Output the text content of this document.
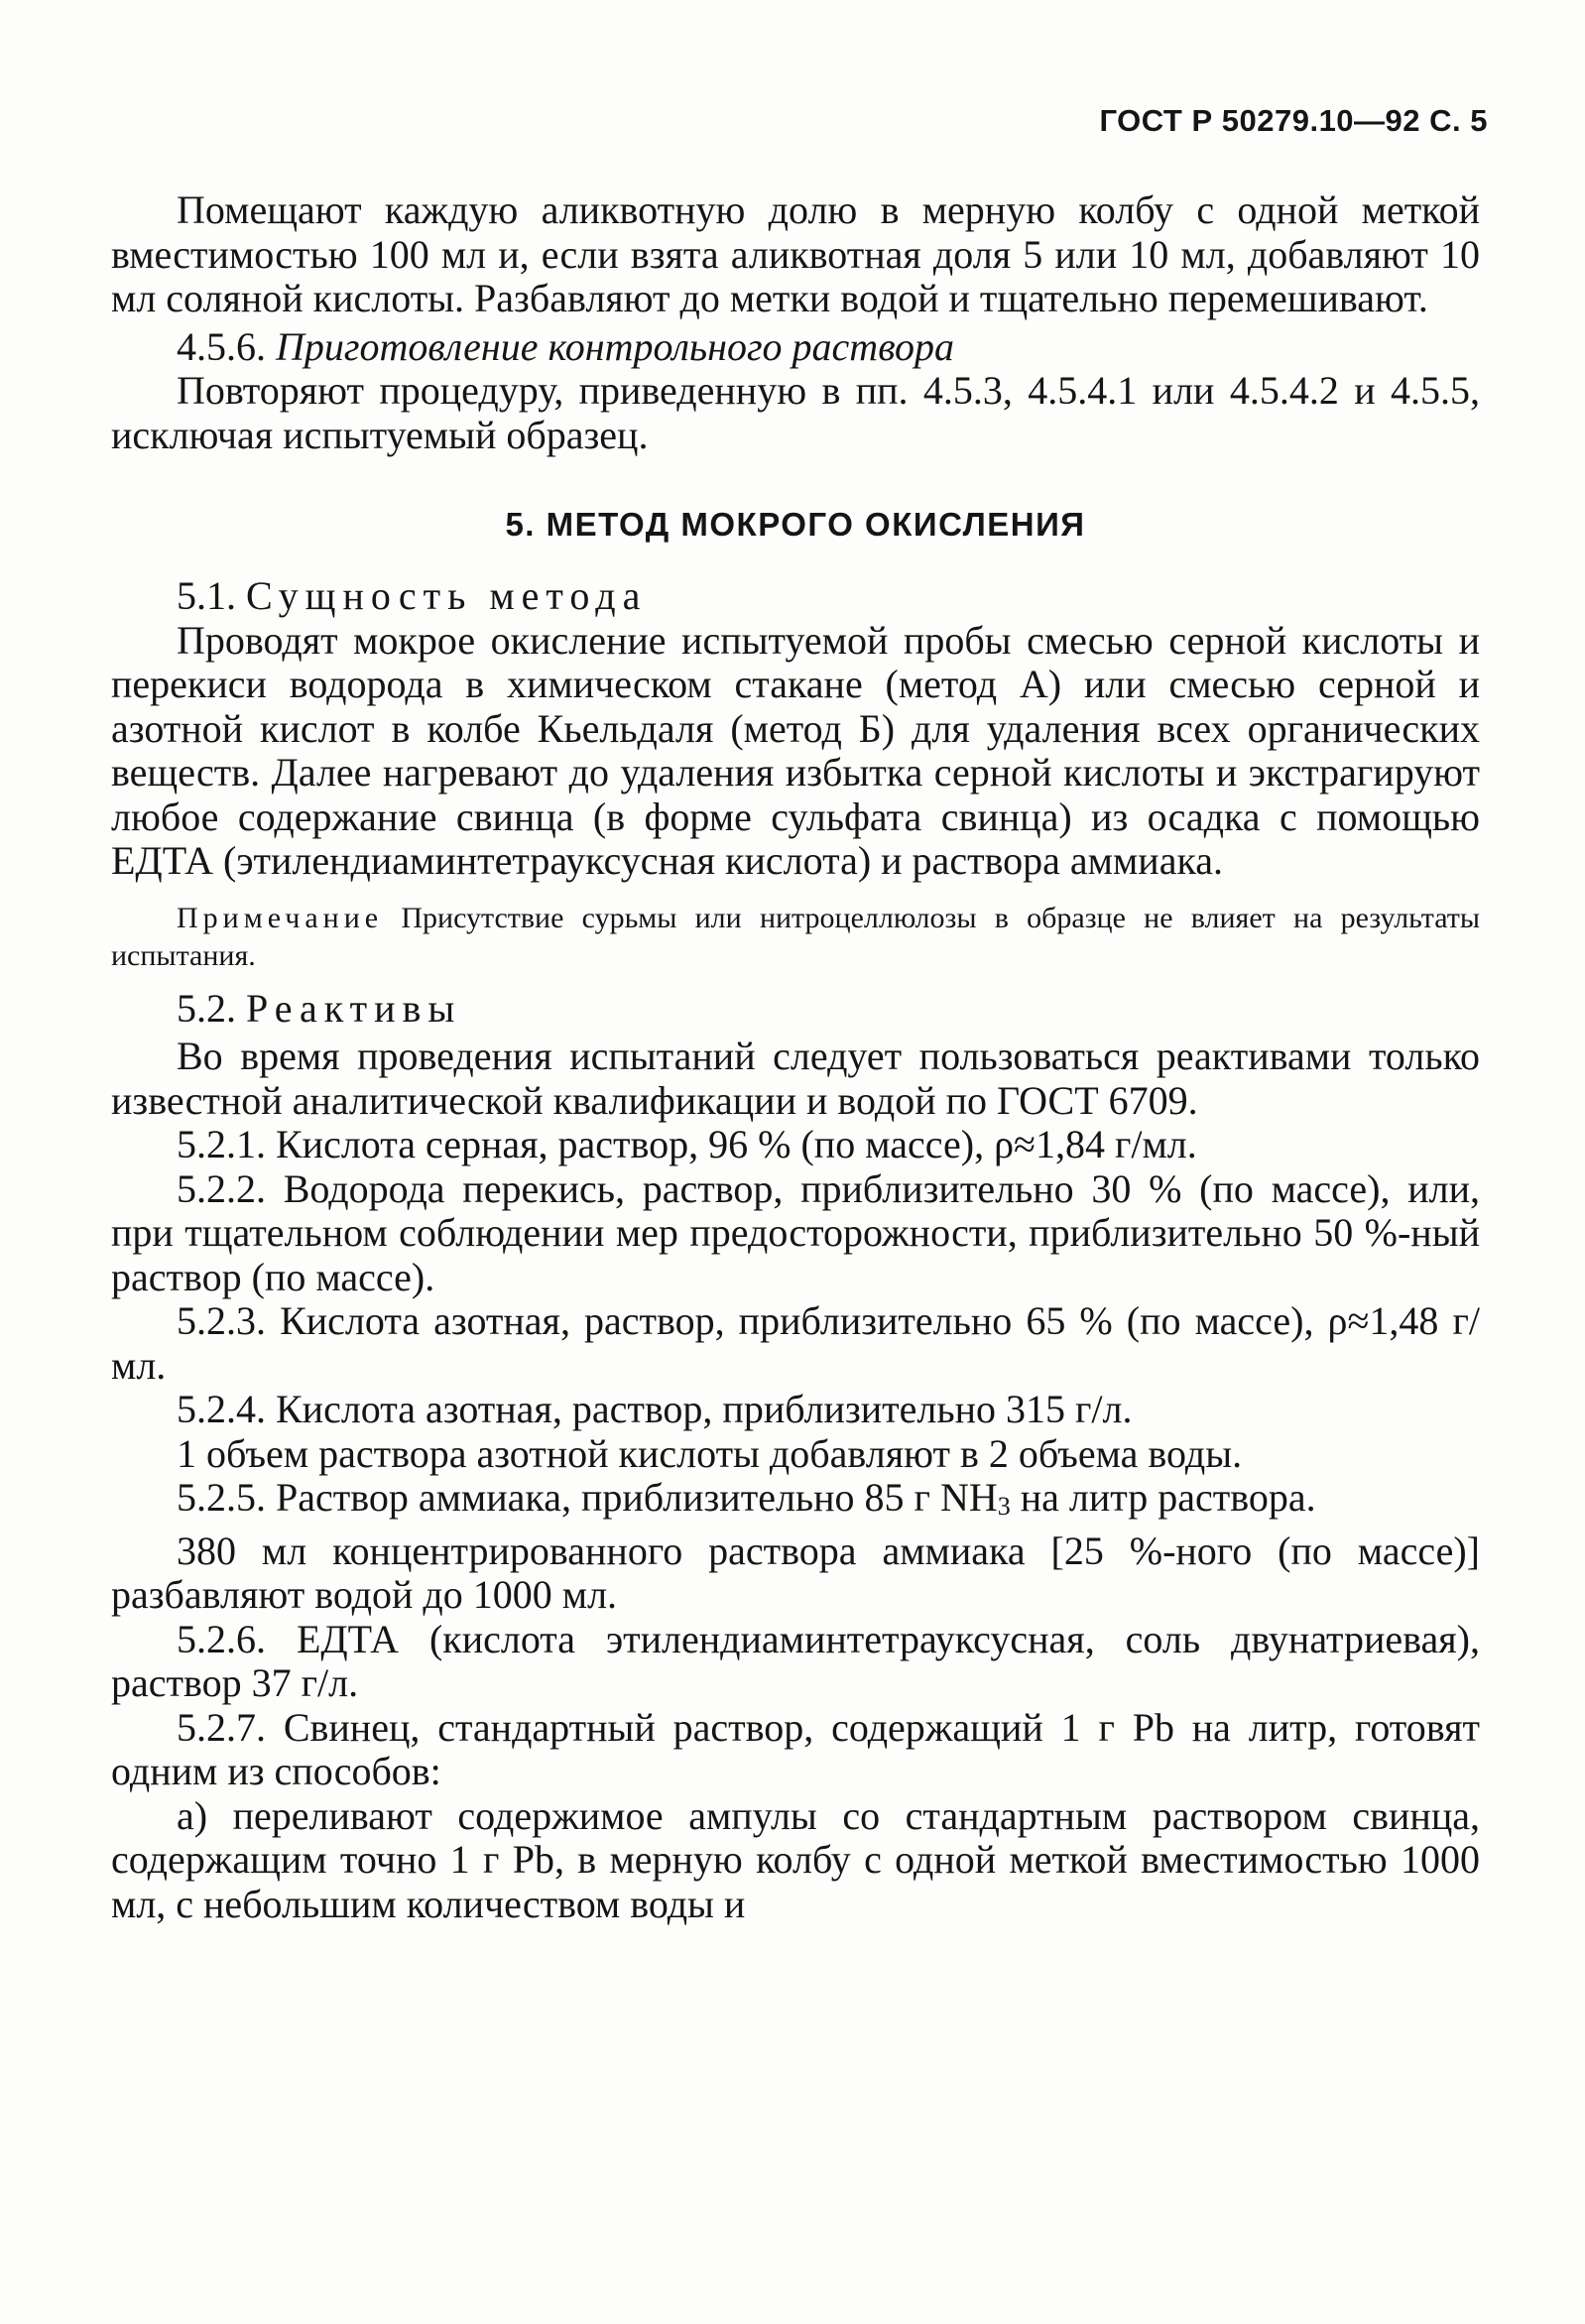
ГОСТ Р 50279.10—92 С. 5

Помещают каждую аликвотную долю в мерную колбу с одной меткой вместимостью 100 мл и, если взята аликвотная доля 5 или 10 мл, добавляют 10 мл соляной кислоты. Разбавляют до метки водой и тщательно перемешивают.

4.5.6. Приготовление контрольного раствора

Повторяют процедуру, приведенную в пп. 4.5.3, 4.5.4.1 или 4.5.4.2 и 4.5.5, исключая испытуемый образец.

5. МЕТОД МОКРОГО ОКИСЛЕНИЯ

5.1. Сущность метода

Проводят мокрое окисление испытуемой пробы смесью серной кислоты и перекиси водорода в химическом стакане (метод А) или смесью серной и азотной кислот в колбе Кьельдаля (метод Б) для удаления всех органических веществ. Далее нагревают до удаления избытка серной кислоты и экстрагируют любое содержание свинца (в форме сульфата свинца) из осадка с помощью ЕДТА (этилендиаминтетрауксусная кислота) и раствора аммиака.

Примечание Присутствие сурьмы или нитроцеллюлозы в образце не влияет на результаты испытания.

5.2. Реактивы

Во время проведения испытаний следует пользоваться реактивами только известной аналитической квалификации и водой по ГОСТ 6709.

5.2.1. Кислота серная, раствор, 96 % (по массе), ρ≈1,84 г/мл.

5.2.2. Водорода перекись, раствор, приблизительно 30 % (по массе), или, при тщательном соблюдении мер предосторожности, приблизительно 50 %-ный раствор (по массе).

5.2.3. Кислота азотная, раствор, приблизительно 65 % (по массе), ρ≈1,48 г/мл.

5.2.4. Кислота азотная, раствор, приблизительно 315 г/л.

1 объем раствора азотной кислоты добавляют в 2 объема воды.

5.2.5. Раствор аммиака, приблизительно 85 г $NH_3$ на литр раствора.

380 мл концентрированного раствора аммиака [25 %-ного (по массе)] разбавляют водой до 1000 мл.

5.2.6. ЕДТА (кислота этилендиаминтетрауксусная, соль двунатриевая), раствор 37 г/л.

5.2.7. Свинец, стандартный раствор, содержащий 1 г Pb на литр, готовят одним из способов:

а) переливают содержимое ампулы со стандартным раствором свинца, содержащим точно 1 г Pb, в мерную колбу с одной меткой вместимостью 1000 мл, с небольшим количеством воды и
